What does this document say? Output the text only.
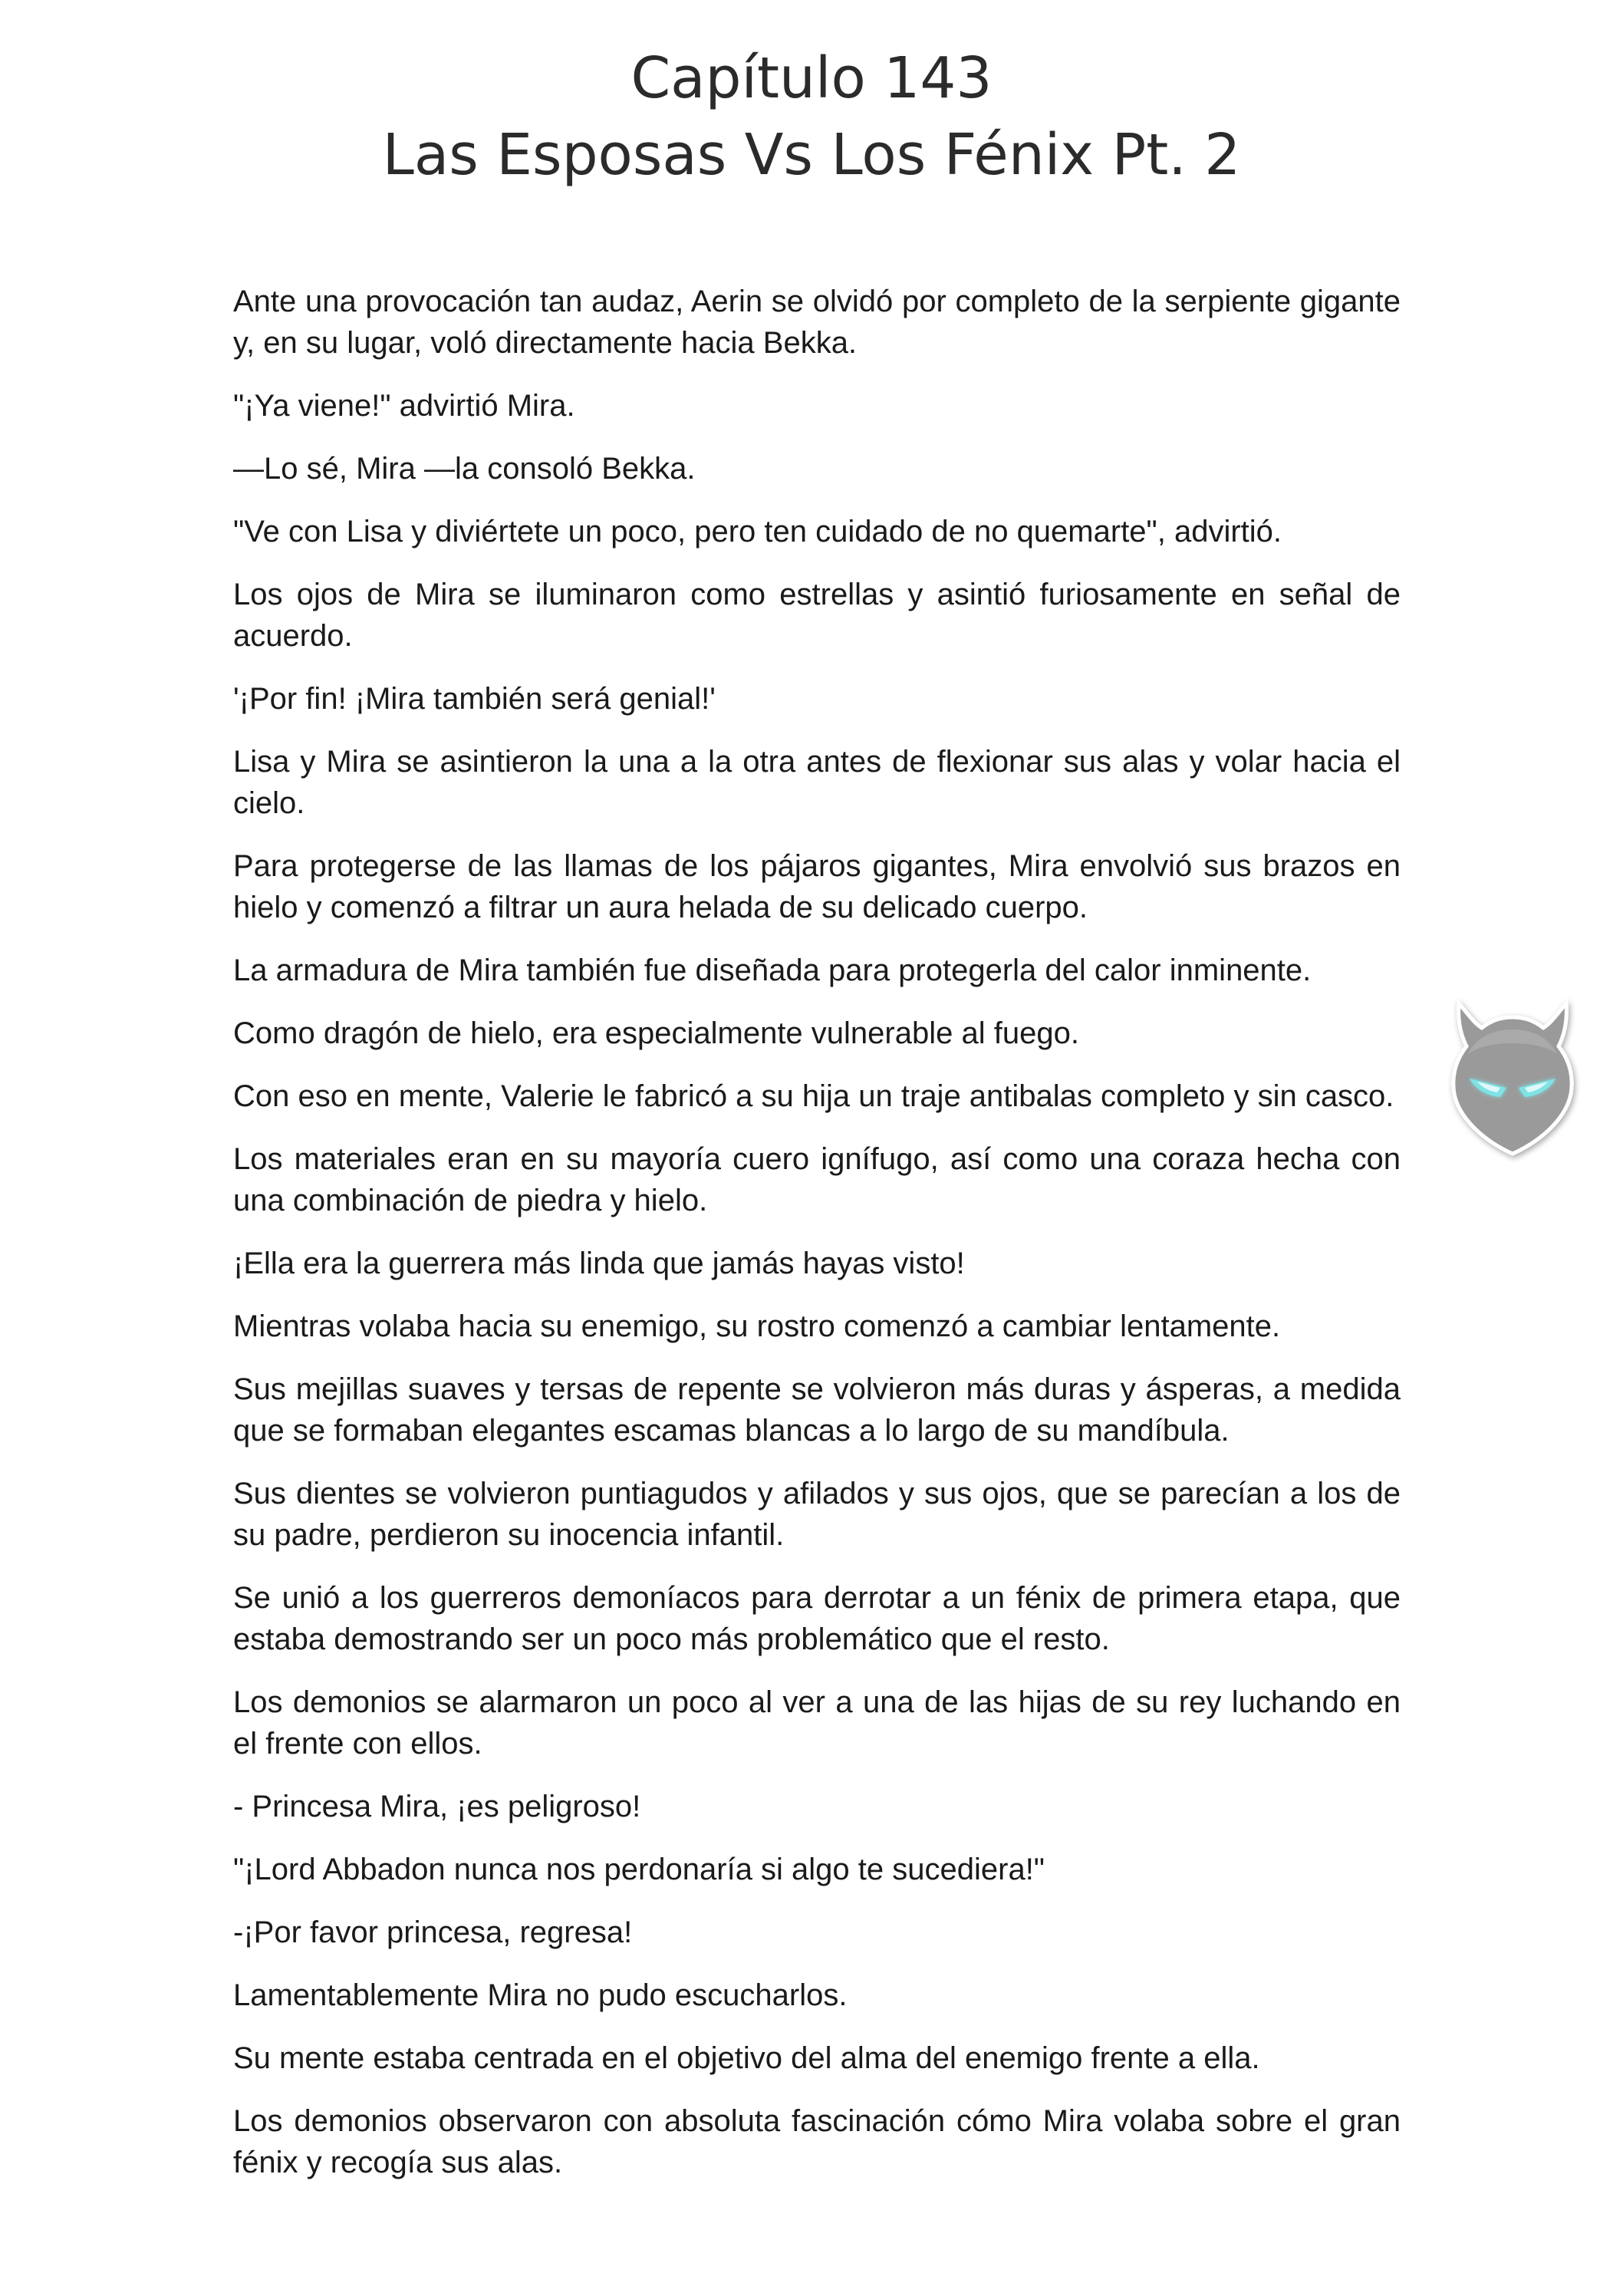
Capítulo 143
Las Esposas Vs Los Fénix Pt. 2

Ante una provocación tan audaz, Aerin se olvidó por completo de la serpiente gigante y, en su lugar, voló directamente hacia Bekka.

"¡Ya viene!" advirtió Mira.

—Lo sé, Mira —la consoló Bekka.

"Ve con Lisa y diviértete un poco, pero ten cuidado de no quemarte", advirtió.

Los ojos de Mira se iluminaron como estrellas y asintió furiosamente en señal de acuerdo.

'¡Por fin! ¡Mira también será genial!'

Lisa y Mira se asintieron la una a la otra antes de flexionar sus alas y volar hacia el cielo.

Para protegerse de las llamas de los pájaros gigantes, Mira envolvió sus brazos en hielo y comenzó a filtrar un aura helada de su delicado cuerpo.

La armadura de Mira también fue diseñada para protegerla del calor inminente.

Como dragón de hielo, era especialmente vulnerable al fuego.

Con eso en mente, Valerie le fabricó a su hija un traje antibalas completo y sin casco.

Los materiales eran en su mayoría cuero ignífugo, así como una coraza hecha con una combinación de piedra y hielo.

¡Ella era la guerrera más linda que jamás hayas visto!

Mientras volaba hacia su enemigo, su rostro comenzó a cambiar lentamente.

Sus mejillas suaves y tersas de repente se volvieron más duras y ásperas, a medida que se formaban elegantes escamas blancas a lo largo de su mandíbula.

Sus dientes se volvieron puntiagudos y afilados y sus ojos, que se parecían a los de su padre, perdieron su inocencia infantil.

Se unió a los guerreros demoníacos para derrotar a un fénix de primera etapa, que estaba demostrando ser un poco más problemático que el resto.

Los demonios se alarmaron un poco al ver a una de las hijas de su rey luchando en el frente con ellos.

- Princesa Mira, ¡es peligroso!

"¡Lord Abbadon nunca nos perdonaría si algo te sucediera!"

-¡Por favor princesa, regresa!

Lamentablemente Mira no pudo escucharlos.

Su mente estaba centrada en el objetivo del alma del enemigo frente a ella.

Los demonios observaron con absoluta fascinación cómo Mira volaba sobre el gran fénix y recogía sus alas.
